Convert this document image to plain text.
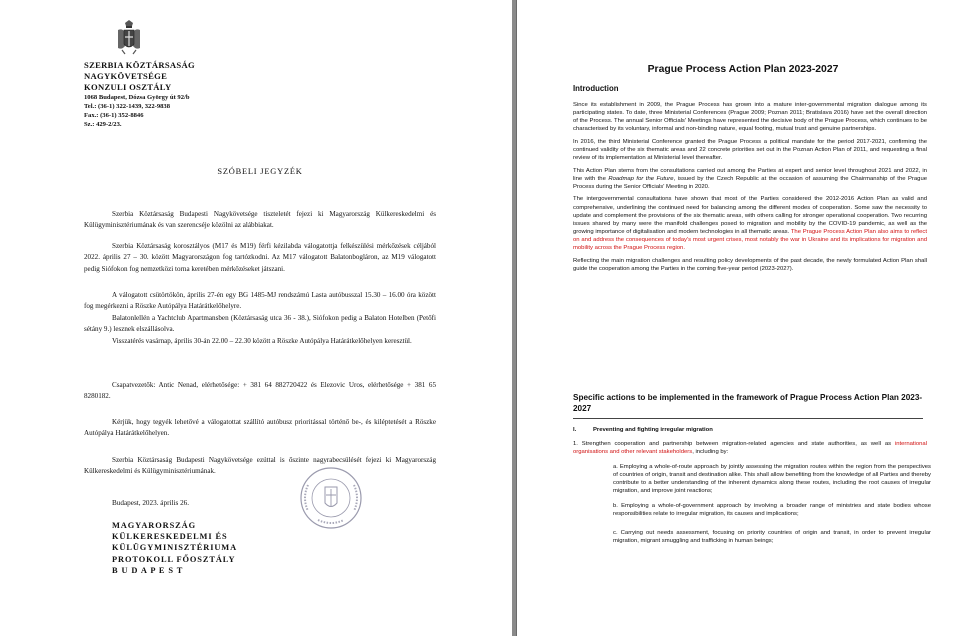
SZERBIA KÖZTÁRSASÁG
NAGYKÖVETSÉGE
KONZULI OSZTÁLY
1068 Budapest, Dózsa György út 92/b
Tel.: (36-1) 322-1439, 322-9838
Fax.: (36-1) 352-8846
Sz.: 429-2/23.
SZÓBELI JEGYZÉK

Szerbia Köztársaság Budapesti Nagykövetsége tiszteletét fejezi ki Magyarország Külkereskedelmi és Külügyminisztériumának és van szerencséje közölni az alábbiakat.

Szerbia Köztársaság korosztályos (M17 és M19) férfi kézilabda válogatottja felkészülési mérkőzések céljából 2022. április 27 – 30. között Magyarországon fog tartózkodni. Az M17 válogatott Balatonbogláron, az M19 válogatott pedig Siófokon fog nemzetközi torna keretében mérkőzéseket játszani.

A válogatott csütörtökön, április 27-én egy BG 1485-MJ rendszámú Lasta autóbusszal 15.30 – 16.00 óra között fog megérkezni a Röszke Autópálya Határátkelőhelyre.

Balatonlellén a Yachtclub Apartmansben (Köztársaság utca 36 - 38.), Siófokon pedig a Balaton Hotelben (Petőfi sétány 9.) lesznek elszállásolva.

Visszatérés vasárnap, április 30-án 22.00 – 22.30 között a Röszke Autópálya Határátkelőhelyen keresztül.

Csapatvezetők: Antic Nenad, elérhetősége: + 381 64 882720422 és Elezovic Uros, elérhetősége + 381 65 8280182.

Kérjük, hogy tegyék lehetővé a válogatottat szállító autóbusz prioritással történő be-, és kiléptetését a Röszke Autópálya Határátkelőhelyen.

Szerbia Köztársaság Budapesti Nagykövetsége ezúttal is őszinte nagyrabecsülését fejezi ki Magyarország Külkereskedelmi és Külügyminisztériumának.

Budapest, 2023. április 26.
MAGYARORSZÁG
KÜLKERESKEDELMI ÉS
KÜLÜGYMINISZTÉRIUMA
PROTOKOLL FŐOSZTÁLY
B U D A P E S T
Prague Process Action Plan 2023-2027
Introduction

Since its establishment in 2009, the Prague Process has grown into a mature inter-governmental migration dialogue among its participating states. To date, three Ministerial Conferences (Prague 2009; Poznan 2011; Bratislava 2016) have set the overall direction of the Process. The annual Senior Officials' Meetings have represented the decisive body of the Prague Process, which continues to be characterised by its voluntary, informal and non-binding nature, equal footing, mutual trust and genuine partnerships.

In 2016, the third Ministerial Conference granted the Prague Process a political mandate for the period 2017-2021, confirming the continued validity of the six thematic areas and 22 concrete priorities set out in the Poznan Action Plan of 2011, and requesting a final review of its implementation at Ministerial level thereafter.

This Action Plan stems from the consultations carried out among the Parties at expert and senior level throughout 2021 and 2022, in line with the Roadmap for the Future, issued by the Czech Republic at the occasion of assuming the Chairmanship of the Prague Process during the Senior Officials' Meeting in 2020.

The intergovernmental consultations have shown that most of the Parties considered the 2012-2016 Action Plan as valid and comprehensive, underlining the continued need for balancing among the different modes of cooperation. Some saw the necessity to update and complement the provisions of the six thematic areas, with others calling for stronger operational cooperation. Two recurring issues shared by many were the manifold challenges posed to migration and mobility by the COVID-19 pandemic, as well as the growing importance of digitalisation and modern technologies in all thematic areas. The Prague Process Action Plan also aims to reflect on and address the consequences of today's most urgent crises, most notably the war in Ukraine and its implications for migration and mobility across the Prague Process region.

Reflecting the main migration challenges and resulting policy developments of the past decade, the newly formulated Action Plan shall guide the cooperation among the Parties in the coming five-year period (2023-2027).

Specific actions to be implemented in the framework of Prague Process Action Plan 2023-2027
I.	Preventing and fighting irregular migration

1. Strengthen cooperation and partnership between migration-related agencies and state authorities, as well as international organisations and other relevant stakeholders, including by:

a. Employing a whole-of-route approach by jointly assessing the migration routes within the region from the perspectives of countries of origin, transit and destination alike. This shall allow benefiting from the knowledge of all Parties and thereby contribute to a better understanding of the inherent dynamics along these routes, including the root causes of irregular migration, and improve joint reactions;

b. Employing a whole-of-government approach by involving a broader range of ministries and state bodies whose responsibilities relate to irregular migration, its causes and implications;

c. Carrying out needs assessment, focusing on priority countries of origin and transit, in order to prevent irregular migration, migrant smuggling and trafficking in human beings;
